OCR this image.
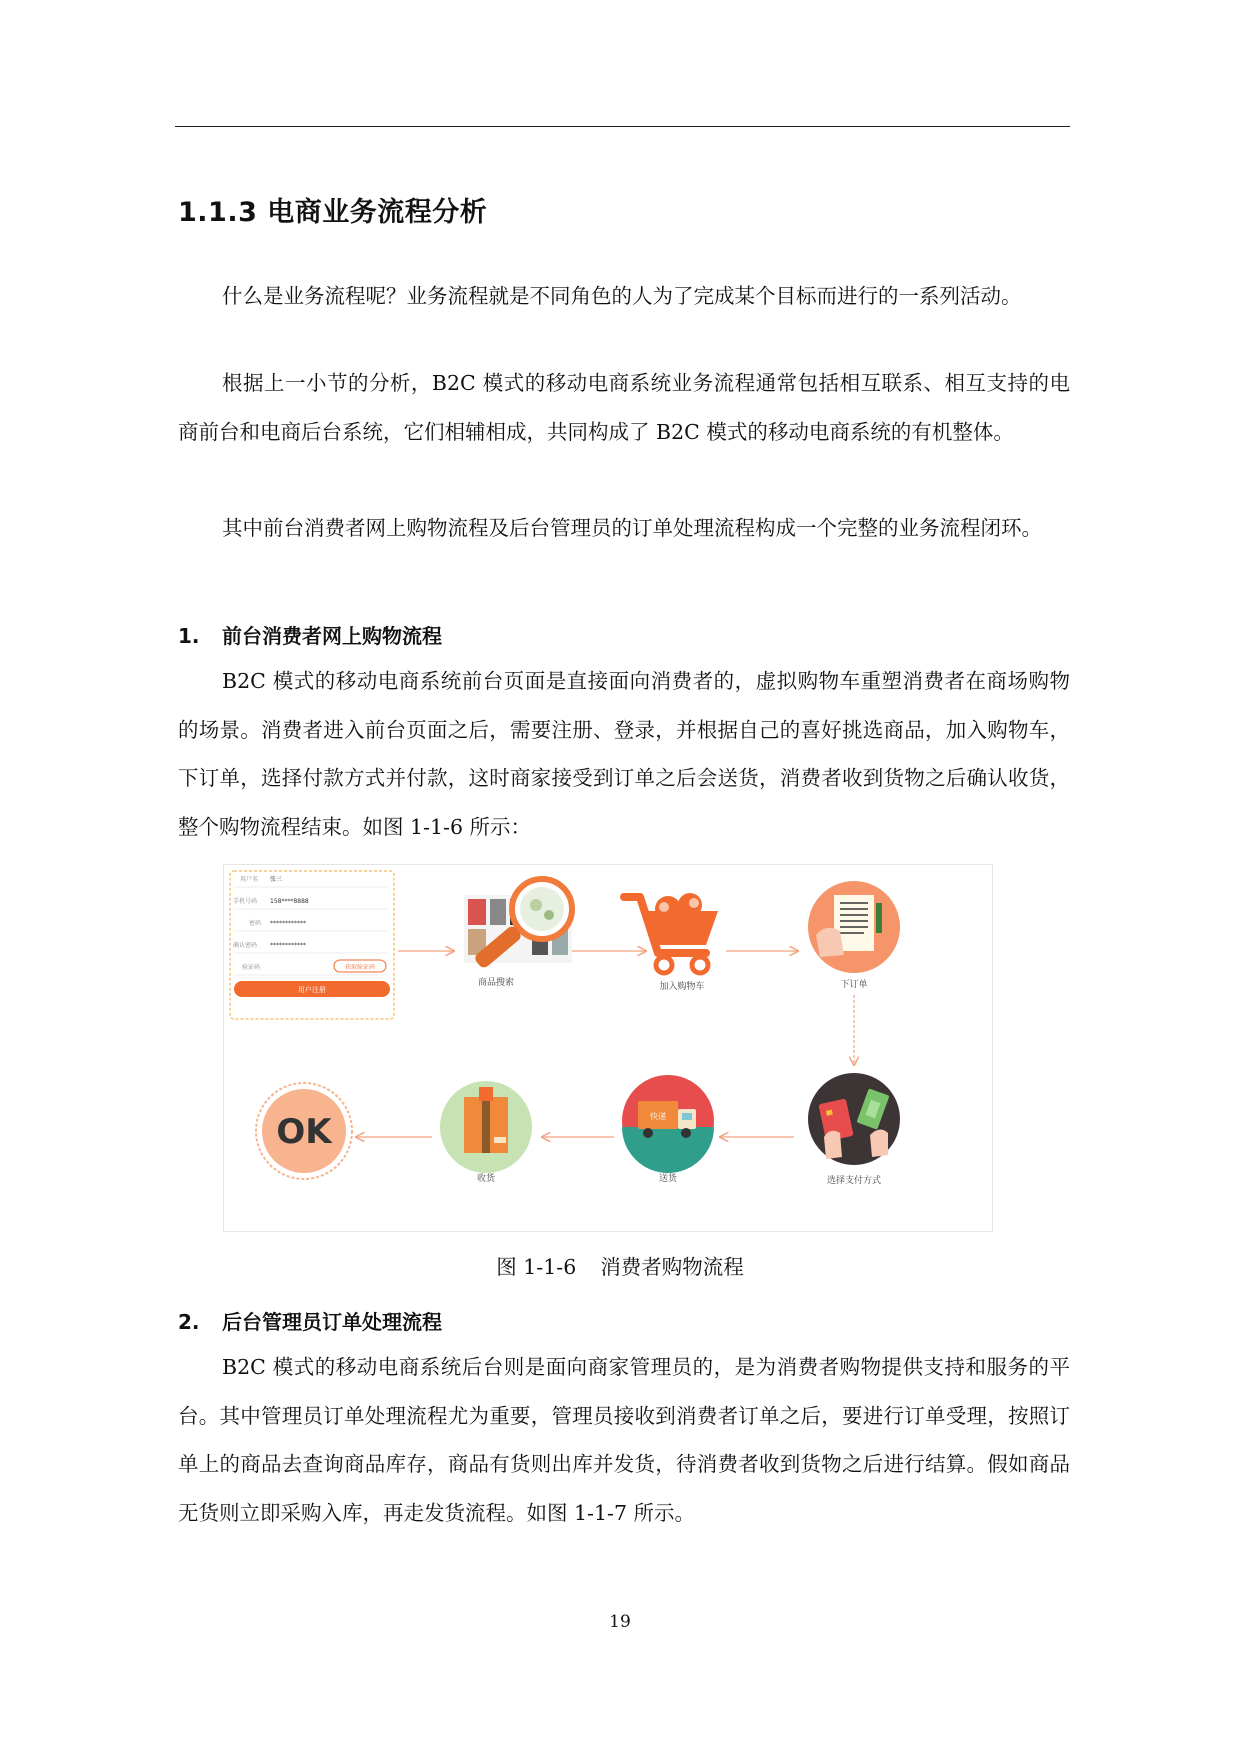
1.1.3 电商业务流程分析

什么是业务流程呢？业务流程就是不同角色的人为了完成某个目标而进行的一系列活动。

根据上一小节的分析，B2C 模式的移动电商系统业务流程通常包括相互联系、相互支持的电商前台和电商后台系统，它们相辅相成，共同构成了 B2C 模式的移动电商系统的有机整体。

其中前台消费者网上购物流程及后台管理员的订单处理流程构成一个完整的业务流程闭环。

1. 前台消费者网上购物流程

B2C 模式的移动电商系统前台页面是直接面向消费者的，虚拟购物车重塑消费者在商场购物的场景。消费者进入前台页面之后，需要注册、登录，并根据自己的喜好挑选商品，加入购物车，下订单，选择付款方式并付款，这时商家接受到订单之后会送货，消费者收到货物之后确认收货，整个购物流程结束。如图 1-1-6 所示：

用户名 张三
手机号码 158****8888
密码 ************
确认密码 ************
验证码	获取验证码
用户注册
商品搜索	加入购物车	下订单
选择支付方式
快递
送货
收货
OK
图 1-1-6 消费者购物流程
2. 后台管理员订单处理流程

B2C 模式的移动电商系统后台则是面向商家管理员的，是为消费者购物提供支持和服务的平台。其中管理员订单处理流程尤为重要，管理员接收到消费者订单之后，要进行订单受理，按照订单上的商品去查询商品库存，商品有货则出库并发货，待消费者收到货物之后进行结算。假如商品无货则立即采购入库，再走发货流程。如图 1-1-7 所示。

19
